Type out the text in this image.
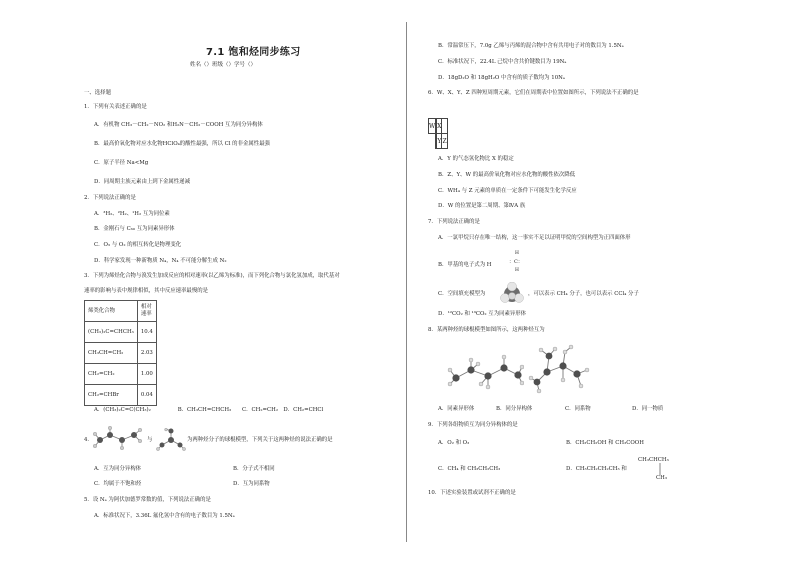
7.1 饱和烃同步练习
姓名（）班级（）学号（）
一、选择题
1．下列有关表述正确的是
A．有机物 CH₃－CH₂－NO₂ 和H₂N－CH₂－COOH 互为同分异构体
B．最高价氧化物对应水化物HClO₄的酸性最强，所以 Cl 的非金属性最强
C．原子半径 Na<Mg
D．同周期主族元素由上到下金属性递减
2．下列说法正确的是
A．³H₂、²H₂、¹H₂ 互为同位素
B．金刚石与 C₆₀ 互为同素异形体
C．O₃ 与 O₂ 的相互转化是物理变化
D．科学家发现一种新物质 N₄，N₄ 不可能分解生成 N₂
3．下列为烯烃化合物与溴发生加成反应的相对速率(以乙烯为标准)，而下列化合物与氯化氢加成，取代基对
速率的影响与表中规律相似，其中反应速率最慢的是
烯类化合物	相对速率
(CH₃)₂C=CHCH₃	10.4
CH₃CH=CH₂	2.03
CH₂=CH₂	1.00
CH₂=CHBr	0.04
A．(CH₃)₂C=C(CH₃)₂　　　　　B．CH₃CH=CHCH₃　　C．CH₂=CH₂　D．CH₂=CHCl
4．	与	为两种烃分子的球棍模型，下列关于这两种烃的说法正确的是
A．互为同分异构体	B．分子式不相同
C．均属于不饱和烃	D．互为同系物
5．设 Nₐ 为阿伏加德罗常数的值，下列说法正确的是
A．标准状况下，3.36L 氟化氢中含有的电子数目为 1.5Nₐ
B．常温常压下，7.0g 乙烯与丙烯的混合物中含有共用电子对的数目为 1.5Nₐ
C．标准状况下，22.4L 己烷中含共价键数目为 19Nₐ
D．18gD₂O 和 18gH₂O 中含有的质子数均为 10Nₐ
6．W、X、Y、Z 四种短周期元素，它们在周期表中位置如图所示，下列说法不正确的是

W		X	
		Y	Z
A．Y 的气态氢化物比 X 的稳定
B．Z、Y、W 的最高价氧化物对应水化物的酸性依次降低
C．WH₄ 与 Z 元素的单质在一定条件下可能发生化学反应
D．W 的位置是第二周期、第ⅣA 族
7．下列说法正确的是
A．一氯甲烷只存在唯一结构，这一事实不足以证明甲烷的空间构型为正四面体形
B．甲基的电子式为 H
H
：C：
H
C．空间填充模型为	，可以表示 CH₄ 分子，也可以表示 CCl₄ 分子
D．¹²CO₂ 和 ¹³CO₂ 互为同素异形体
8．某两种烃的球棍模型如图所示，这两种烃互为
A．同素异形体	B．同分异构体	C．同系物	D．同一物质
9．下列各组物质互为同分异构体的是
A．O₂ 和 O₃	B．CH₃CH₂OH 和 CH₃COOH
C．CH₄ 和 CH₃CH₂CH₃	D．CH₃CH₂CH₂CH₃ 和
CH₃CHCH₃
CH₃
10．下述实验装置或试剂不正确的是
